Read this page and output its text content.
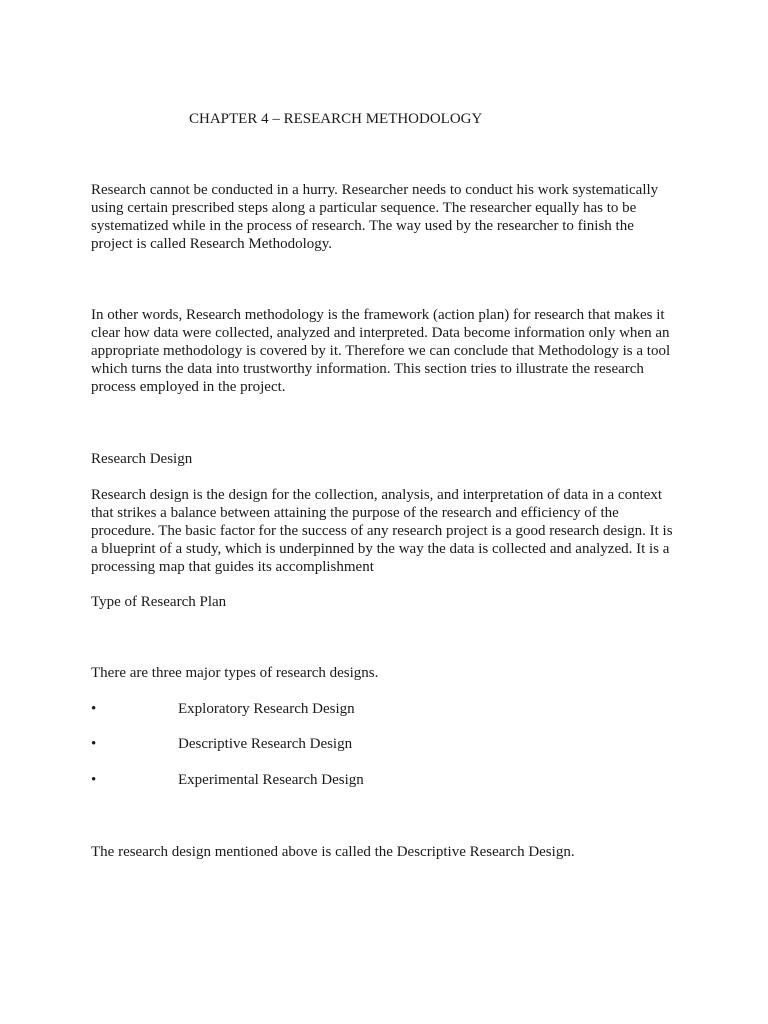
CHAPTER 4 – RESEARCH METHODOLOGY

Research cannot be conducted in a hurry. Researcher needs to conduct his work systematically
using certain prescribed steps along a particular sequence. The researcher equally has to be
systematized while in the process of research. The way used by the researcher to finish the
project is called Research Methodology.

In other words, Research methodology is the framework (action plan) for research that makes it
clear how data were collected, analyzed and interpreted. Data become information only when an
appropriate methodology is covered by it. Therefore we can conclude that Methodology is a tool
which turns the data into trustworthy information. This section tries to illustrate the research
process employed in the project.

Research Design

Research design is the design for the collection, analysis, and interpretation of data in a context
that strikes a balance between attaining the purpose of the research and efficiency of the
procedure. The basic factor for the success of any research project is a good research design. It is
a blueprint of a study, which is underpinned by the way the data is collected and analyzed. It is a
processing map that guides its accomplishment

Type of Research Plan

There are three major types of research designs.

•	Exploratory Research Design
•	Descriptive Research Design
•	Experimental Research Design

The research design mentioned above is called the Descriptive Research Design.
